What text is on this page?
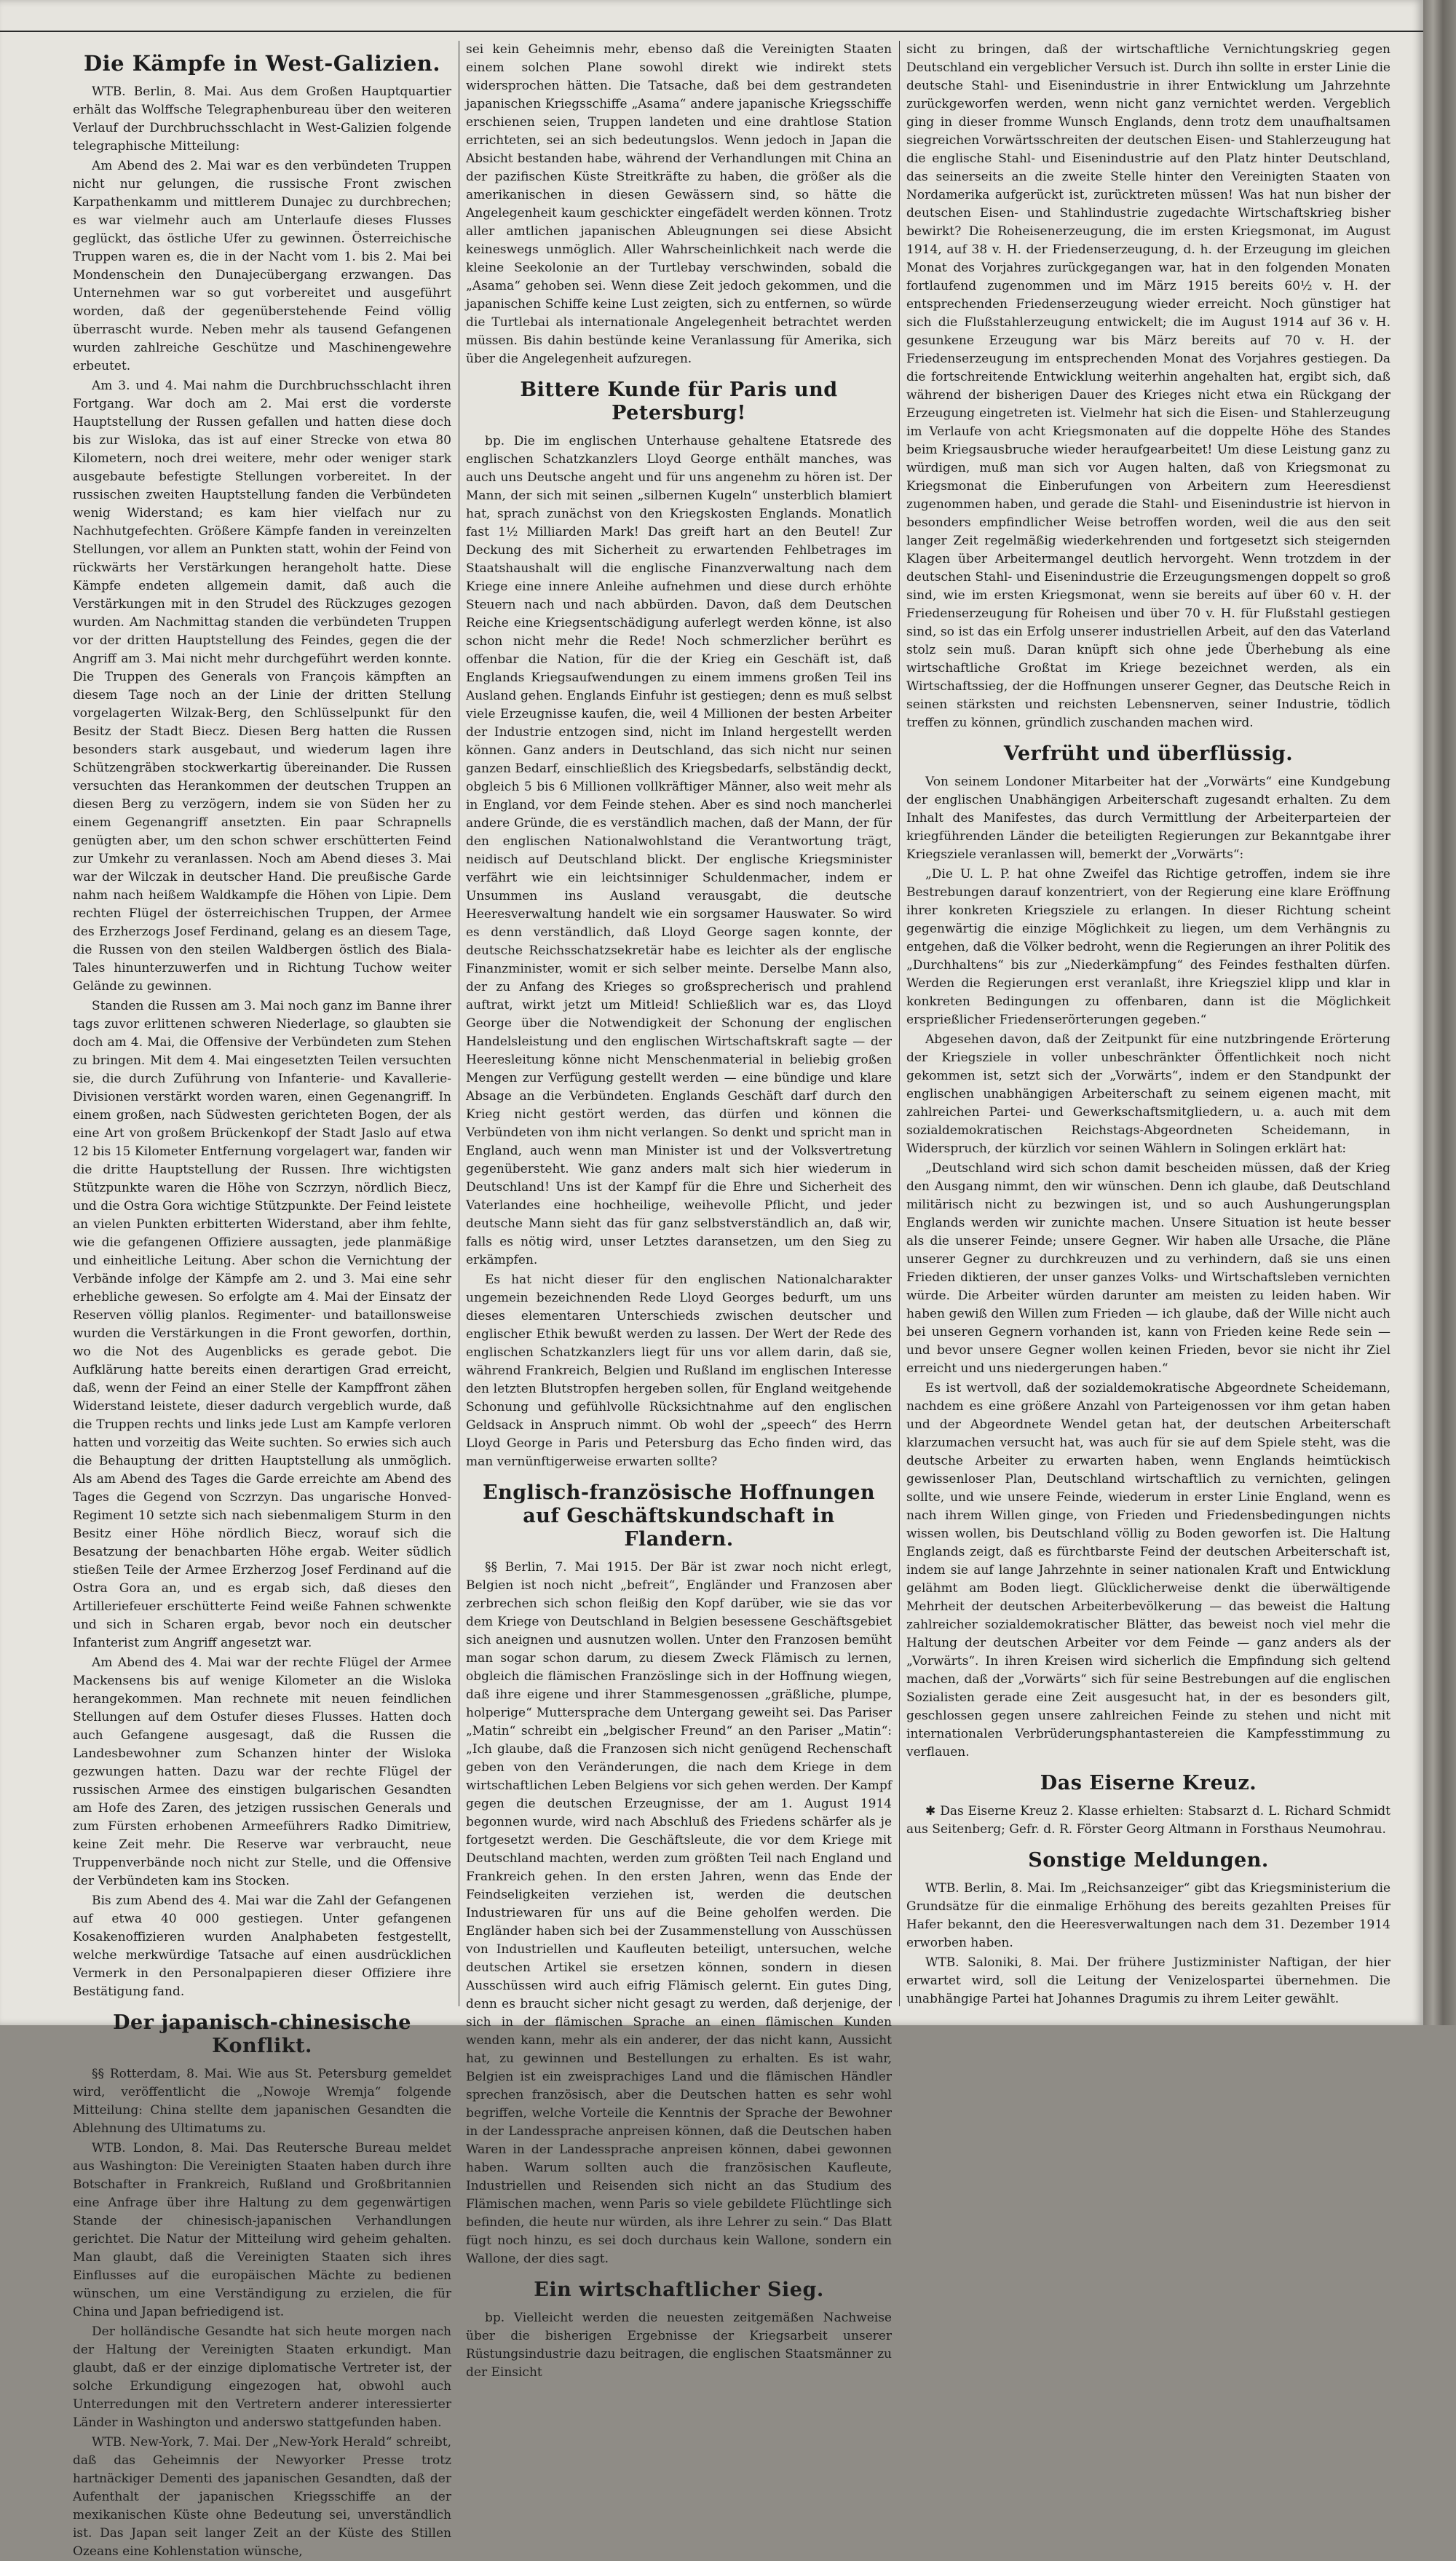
Die Kämpfe in West-Galizien.

WTB. Berlin, 8. Mai. Aus dem Großen Hauptquartier erhält das Wolffsche Telegraphenbureau über den weiteren Verlauf der Durchbruchsschlacht in West-Galizien folgende telegraphische Mitteilung:

Am Abend des 2. Mai war es den verbündeten Truppen nicht nur gelungen, die russische Front zwischen Karpathenkamm und mittlerem Dunajec zu durchbrechen; es war vielmehr auch am Unterlaufe dieses Flusses geglückt, das östliche Ufer zu gewinnen. Österreichische Truppen waren es, die in der Nacht vom 1. bis 2. Mai bei Mondenschein den Dunajecübergang erzwangen. Das Unternehmen war so gut vorbereitet und ausgeführt worden, daß der gegenüberstehende Feind völlig überrascht wurde. Neben mehr als tausend Gefangenen wurden zahlreiche Geschütze und Maschinengewehre erbeutet.

Am 3. und 4. Mai nahm die Durchbruchsschlacht ihren Fortgang. War doch am 2. Mai erst die vorderste Hauptstellung der Russen gefallen und hatten diese doch bis zur Wisloka, das ist auf einer Strecke von etwa 80 Kilometern, noch drei weitere, mehr oder weniger stark ausgebaute befestigte Stellungen vorbereitet. In der russischen zweiten Hauptstellung fanden die Verbündeten wenig Widerstand; es kam hier vielfach nur zu Nachhutgefechten. Größere Kämpfe fanden in vereinzelten Stellungen, vor allem an Punkten statt, wohin der Feind von rückwärts her Verstärkungen herangeholt hatte. Diese Kämpfe endeten allgemein damit, daß auch die Verstärkungen mit in den Strudel des Rückzuges gezogen wurden. Am Nachmittag standen die verbündeten Truppen vor der dritten Hauptstellung des Feindes, gegen die der Angriff am 3. Mai nicht mehr durchgeführt werden konnte. Die Truppen des Generals von François kämpften an diesem Tage noch an der Linie der dritten Stellung vorgelagerten Wilzak-Berg, den Schlüsselpunkt für den Besitz der Stadt Biecz. Diesen Berg hatten die Russen besonders stark ausgebaut, und wiederum lagen ihre Schützengräben stockwerkartig übereinander. Die Russen versuchten das Herankommen der deutschen Truppen an diesen Berg zu verzögern, indem sie von Süden her zu einem Gegenangriff ansetzten. Ein paar Schrapnells genügten aber, um den schon schwer erschütterten Feind zur Umkehr zu veranlassen. Noch am Abend dieses 3. Mai war der Wilczak in deutscher Hand. Die preußische Garde nahm nach heißem Waldkampfe die Höhen von Lipie. Dem rechten Flügel der österreichischen Truppen, der Armee des Erzherzogs Josef Ferdinand, gelang es an diesem Tage, die Russen von den steilen Waldbergen östlich des Biala-Tales hinunterzuwerfen und in Richtung Tuchow weiter Gelände zu gewinnen.

Standen die Russen am 3. Mai noch ganz im Banne ihrer tags zuvor erlittenen schweren Niederlage, so glaubten sie doch am 4. Mai, die Offensive der Verbündeten zum Stehen zu bringen. Mit dem 4. Mai eingesetzten Teilen versuchten sie, die durch Zuführung von Infanterie- und Kavallerie-Divisionen verstärkt worden waren, einen Gegenangriff. In einem großen, nach Südwesten gerichteten Bogen, der als eine Art von großem Brückenkopf der Stadt Jaslo auf etwa 12 bis 15 Kilometer Entfernung vorgelagert war, fanden wir die dritte Hauptstellung der Russen. Ihre wichtigsten Stützpunkte waren die Höhe von Sczrzyn, nördlich Biecz, und die Ostra Gora wichtige Stützpunkte. Der Feind leistete an vielen Punkten erbitterten Widerstand, aber ihm fehlte, wie die gefangenen Offiziere aussagten, jede planmäßige und einheitliche Leitung. Aber schon die Vernichtung der Verbände infolge der Kämpfe am 2. und 3. Mai eine sehr erhebliche gewesen. So erfolgte am 4. Mai der Einsatz der Reserven völlig planlos. Regimenter- und bataillonsweise wurden die Verstärkungen in die Front geworfen, dorthin, wo die Not des Augenblicks es gerade gebot. Die Aufklärung hatte bereits einen derartigen Grad erreicht, daß, wenn der Feind an einer Stelle der Kampffront zähen Widerstand leistete, dieser dadurch vergeblich wurde, daß die Truppen rechts und links jede Lust am Kampfe verloren hatten und vorzeitig das Weite suchten. So erwies sich auch die Behauptung der dritten Hauptstellung als unmöglich. Als am Abend des Tages die Garde erreichte am Abend des Tages die Gegend von Sczrzyn. Das ungarische Honved-Regiment 10 setzte sich nach siebenmaligem Sturm in den Besitz einer Höhe nördlich Biecz, worauf sich die Besatzung der benachbarten Höhe ergab. Weiter südlich stießen Teile der Armee Erzherzog Josef Ferdinand auf die Ostra Gora an, und es ergab sich, daß dieses den Artilleriefeuer erschütterte Feind weiße Fahnen schwenkte und sich in Scharen ergab, bevor noch ein deutscher Infanterist zum Angriff angesetzt war.

Am Abend des 4. Mai war der rechte Flügel der Armee Mackensens bis auf wenige Kilometer an die Wisloka herangekommen. Man rechnete mit neuen feindlichen Stellungen auf dem Ostufer dieses Flusses. Hatten doch auch Gefangene ausgesagt, daß die Russen die Landesbewohner zum Schanzen hinter der Wisloka gezwungen hatten. Dazu war der rechte Flügel der russischen Armee des einstigen bulgarischen Gesandten am Hofe des Zaren, des jetzigen russischen Generals und zum Fürsten erhobenen Armeeführers Radko Dimitriew, keine Zeit mehr. Die Reserve war verbraucht, neue Truppenverbände noch nicht zur Stelle, und die Offensive der Verbündeten kam ins Stocken.

Bis zum Abend des 4. Mai war die Zahl der Gefangenen auf etwa 40 000 gestiegen. Unter gefangenen Kosakenoffizieren wurden Analphabeten festgestellt, welche merkwürdige Tatsache auf einen ausdrücklichen Vermerk in den Personalpapieren dieser Offiziere ihre Bestätigung fand.

Der japanisch-chinesische Konflikt.

§§ Rotterdam, 8. Mai. Wie aus St. Petersburg gemeldet wird, veröffentlicht die „Nowoje Wremja“ folgende Mitteilung: China stellte dem japanischen Gesandten die Ablehnung des Ultimatums zu.

WTB. London, 8. Mai. Das Reutersche Bureau meldet aus Washington: Die Vereinigten Staaten haben durch ihre Botschafter in Frankreich, Rußland und Großbritannien eine Anfrage über ihre Haltung zu dem gegenwärtigen Stande der chinesisch-japanischen Verhandlungen gerichtet. Die Natur der Mitteilung wird geheim gehalten. Man glaubt, daß die Vereinigten Staaten sich ihres Einflusses auf die europäischen Mächte zu bedienen wünschen, um eine Verständigung zu erzielen, die für China und Japan befriedigend ist.

Der holländische Gesandte hat sich heute morgen nach der Haltung der Vereinigten Staaten erkundigt. Man glaubt, daß er der einzige diplomatische Vertreter ist, der solche Erkundigung eingezogen hat, obwohl auch Unterredungen mit den Vertretern anderer interessierter Länder in Washington und anderswo stattgefunden haben.

WTB. New-York, 7. Mai. Der „New-York Herald“ schreibt, daß das Geheimnis der Newyorker Presse trotz hartnäckiger Dementi des japanischen Gesandten, daß der Aufenthalt der japanischen Kriegsschiffe an der mexikanischen Küste ohne Bedeutung sei, unverständlich ist. Das Japan seit langer Zeit an der Küste des Stillen Ozeans eine Kohlenstation wünsche,

sei kein Geheimnis mehr, ebenso daß die Vereinigten Staaten einem solchen Plane sowohl direkt wie indirekt stets widersprochen hätten. Die Tatsache, daß bei dem gestrandeten japanischen Kriegsschiffe „Asama“ andere japanische Kriegsschiffe erschienen seien, Truppen landeten und eine drahtlose Station errichteten, sei an sich bedeutungslos. Wenn jedoch in Japan die Absicht bestanden habe, während der Verhandlungen mit China an der pazifischen Küste Streitkräfte zu haben, die größer als die amerikanischen in diesen Gewässern sind, so hätte die Angelegenheit kaum geschickter eingefädelt werden können. Trotz aller amtlichen japanischen Ableugnungen sei diese Absicht keineswegs unmöglich. Aller Wahrscheinlichkeit nach werde die kleine Seekolonie an der Turtlebay verschwinden, sobald die „Asama“ gehoben sei. Wenn diese Zeit jedoch gekommen, und die japanischen Schiffe keine Lust zeigten, sich zu entfernen, so würde die Turtlebai als internationale Angelegenheit betrachtet werden müssen. Bis dahin bestünde keine Veranlassung für Amerika, sich über die Angelegenheit aufzuregen.

Bittere Kunde für Paris und Petersburg!

bp. Die im englischen Unterhause gehaltene Etatsrede des englischen Schatzkanzlers Lloyd George enthält manches, was auch uns Deutsche angeht und für uns angenehm zu hören ist. Der Mann, der sich mit seinen „silbernen Kugeln“ unsterblich blamiert hat, sprach zunächst von den Kriegskosten Englands. Monatlich fast 1½ Milliarden Mark! Das greift hart an den Beutel! Zur Deckung des mit Sicherheit zu erwartenden Fehlbetrages im Staatshaushalt will die englische Finanzverwaltung nach dem Kriege eine innere Anleihe aufnehmen und diese durch erhöhte Steuern nach und nach abbürden. Davon, daß dem Deutschen Reiche eine Kriegsentschädigung auferlegt werden könne, ist also schon nicht mehr die Rede! Noch schmerzlicher berührt es offenbar die Nation, für die der Krieg ein Geschäft ist, daß Englands Kriegsaufwendungen zu einem immens großen Teil ins Ausland gehen. Englands Einfuhr ist gestiegen; denn es muß selbst viele Erzeugnisse kaufen, die, weil 4 Millionen der besten Arbeiter der Industrie entzogen sind, nicht im Inland hergestellt werden können. Ganz anders in Deutschland, das sich nicht nur seinen ganzen Bedarf, einschließlich des Kriegsbedarfs, selbständig deckt, obgleich 5 bis 6 Millionen vollkräftiger Männer, also weit mehr als in England, vor dem Feinde stehen. Aber es sind noch mancherlei andere Gründe, die es verständlich machen, daß der Mann, der für den englischen Nationalwohlstand die Verantwortung trägt, neidisch auf Deutschland blickt. Der englische Kriegsminister verfährt wie ein leichtsinniger Schuldenmacher, indem er Unsummen ins Ausland verausgabt, die deutsche Heeresverwaltung handelt wie ein sorgsamer Hauswater. So wird es denn verständlich, daß Lloyd George sagen konnte, der deutsche Reichsschatzsekretär habe es leichter als der englische Finanzminister, womit er sich selber meinte. Derselbe Mann also, der zu Anfang des Krieges so großsprecherisch und prahlend auftrat, wirkt jetzt um Mitleid! Schließlich war es, das Lloyd George über die Notwendigkeit der Schonung der englischen Handelsleistung und den englischen Wirtschaftskraft sagte — der Heeresleitung könne nicht Menschenmaterial in beliebig großen Mengen zur Verfügung gestellt werden — eine bündige und klare Absage an die Verbündeten. Englands Geschäft darf durch den Krieg nicht gestört werden, das dürfen und können die Verbündeten von ihm nicht verlangen. So denkt und spricht man in England, auch wenn man Minister ist und der Volksvertretung gegenübersteht. Wie ganz anders malt sich hier wiederum in Deutschland! Uns ist der Kampf für die Ehre und Sicherheit des Vaterlandes eine hochheilige, weihevolle Pflicht, und jeder deutsche Mann sieht das für ganz selbstverständlich an, daß wir, falls es nötig wird, unser Letztes daransetzen, um den Sieg zu erkämpfen.

Es hat nicht dieser für den englischen Nationalcharakter ungemein bezeichnenden Rede Lloyd Georges bedurft, um uns dieses elementaren Unterschieds zwischen deutscher und englischer Ethik bewußt werden zu lassen. Der Wert der Rede des englischen Schatzkanzlers liegt für uns vor allem darin, daß sie, während Frankreich, Belgien und Rußland im englischen Interesse den letzten Blutstropfen hergeben sollen, für England weitgehende Schonung und gefühlvolle Rücksichtnahme auf den englischen Geldsack in Anspruch nimmt. Ob wohl der „speech“ des Herrn Lloyd George in Paris und Petersburg das Echo finden wird, das man vernünftigerweise erwarten sollte?

Englisch-französische Hoffnungen auf Geschäftskundschaft in Flandern.

§§ Berlin, 7. Mai 1915. Der Bär ist zwar noch nicht erlegt, Belgien ist noch nicht „befreit“, Engländer und Franzosen aber zerbrechen sich schon fleißig den Kopf darüber, wie sie das vor dem Kriege von Deutschland in Belgien besessene Geschäftsgebiet sich aneignen und ausnutzen wollen. Unter den Franzosen bemüht man sogar schon darum, zu diesem Zweck Flämisch zu lernen, obgleich die flämischen Französlinge sich in der Hoffnung wiegen, daß ihre eigene und ihrer Stammesgenossen „gräßliche, plumpe, holperige“ Muttersprache dem Untergang geweiht sei. Das Pariser „Matin“ schreibt ein „belgischer Freund“ an den Pariser „Matin“: „Ich glaube, daß die Franzosen sich nicht genügend Rechenschaft geben von den Veränderungen, die nach dem Kriege in dem wirtschaftlichen Leben Belgiens vor sich gehen werden. Der Kampf gegen die deutschen Erzeugnisse, der am 1. August 1914 begonnen wurde, wird nach Abschluß des Friedens schärfer als je fortgesetzt werden. Die Geschäftsleute, die vor dem Kriege mit Deutschland machten, werden zum größten Teil nach England und Frankreich gehen. In den ersten Jahren, wenn das Ende der Feindseligkeiten verziehen ist, werden die deutschen Industriewaren für uns auf die Beine geholfen werden. Die Engländer haben sich bei der Zusammenstellung von Ausschüssen von Industriellen und Kaufleuten beteiligt, untersuchen, welche deutschen Artikel sie ersetzen können, sondern in diesen Ausschüssen wird auch eifrig Flämisch gelernt. Ein gutes Ding, denn es braucht sicher nicht gesagt zu werden, daß derjenige, der sich in der flämischen Sprache an einen flämischen Kunden wenden kann, mehr als ein anderer, der das nicht kann, Aussicht hat, zu gewinnen und Bestellungen zu erhalten. Es ist wahr, Belgien ist ein zweisprachiges Land und die flämischen Händler sprechen französisch, aber die Deutschen hatten es sehr wohl begriffen, welche Vorteile die Kenntnis der Sprache der Bewohner in der Landessprache anpreisen können, daß die Deutschen haben Waren in der Landessprache anpreisen können, dabei gewonnen haben. Warum sollten auch die französischen Kaufleute, Industriellen und Reisenden sich nicht an das Studium des Flämischen machen, wenn Paris so viele gebildete Flüchtlinge sich befinden, die heute nur würden, als ihre Lehrer zu sein.“ Das Blatt fügt noch hinzu, es sei doch durchaus kein Wallone, sondern ein Wallone, der dies sagt.

Ein wirtschaftlicher Sieg.

bp. Vielleicht werden die neuesten zeitgemäßen Nachweise über die bisherigen Ergebnisse der Kriegsarbeit unserer Rüstungsindustrie dazu beitragen, die englischen Staatsmänner zu der Einsicht

sicht zu bringen, daß der wirtschaftliche Vernichtungskrieg gegen Deutschland ein vergeblicher Versuch ist. Durch ihn sollte in erster Linie die deutsche Stahl- und Eisenindustrie in ihrer Entwicklung um Jahrzehnte zurückgeworfen werden, wenn nicht ganz vernichtet werden. Vergeblich ging in dieser fromme Wunsch Englands, denn trotz dem unaufhaltsamen siegreichen Vorwärtsschreiten der deutschen Eisen- und Stahlerzeugung hat die englische Stahl- und Eisenindustrie auf den Platz hinter Deutschland, das seinerseits an die zweite Stelle hinter den Vereinigten Staaten von Nordamerika aufgerückt ist, zurücktreten müssen! Was hat nun bisher der deutschen Eisen- und Stahlindustrie zugedachte Wirtschaftskrieg bisher bewirkt? Die Roheisenerzeugung, die im ersten Kriegsmonat, im August 1914, auf 38 v. H. der Friedenserzeugung, d. h. der Erzeugung im gleichen Monat des Vorjahres zurückgegangen war, hat in den folgenden Monaten fortlaufend zugenommen und im März 1915 bereits 60½ v. H. der entsprechenden Friedenserzeugung wieder erreicht. Noch günstiger hat sich die Flußstahlerzeugung entwickelt; die im August 1914 auf 36 v. H. gesunkene Erzeugung war bis März bereits auf 70 v. H. der Friedenserzeugung im entsprechenden Monat des Vorjahres gestiegen. Da die fortschreitende Entwicklung weiterhin angehalten hat, ergibt sich, daß während der bisherigen Dauer des Krieges nicht etwa ein Rückgang der Erzeugung eingetreten ist. Vielmehr hat sich die Eisen- und Stahlerzeugung im Verlaufe von acht Kriegsmonaten auf die doppelte Höhe des Standes beim Kriegsausbruche wieder heraufgearbeitet! Um diese Leistung ganz zu würdigen, muß man sich vor Augen halten, daß von Kriegsmonat zu Kriegsmonat die Einberufungen von Arbeitern zum Heeresdienst zugenommen haben, und gerade die Stahl- und Eisenindustrie ist hiervon in besonders empfindlicher Weise betroffen worden, weil die aus den seit langer Zeit regelmäßig wiederkehrenden und fortgesetzt sich steigernden Klagen über Arbeitermangel deutlich hervorgeht. Wenn trotzdem in der deutschen Stahl- und Eisenindustrie die Erzeugungsmengen doppelt so groß sind, wie im ersten Kriegsmonat, wenn sie bereits auf über 60 v. H. der Friedenserzeugung für Roheisen und über 70 v. H. für Flußstahl gestiegen sind, so ist das ein Erfolg unserer industriellen Arbeit, auf den das Vaterland stolz sein muß. Daran knüpft sich ohne jede Überhebung als eine wirtschaftliche Großtat im Kriege bezeichnet werden, als ein Wirtschaftssieg, der die Hoffnungen unserer Gegner, das Deutsche Reich in seinen stärksten und reichsten Lebensnerven, seiner Industrie, tödlich treffen zu können, gründlich zuschanden machen wird.

Verfrüht und überflüssig.

Von seinem Londoner Mitarbeiter hat der „Vorwärts“ eine Kundgebung der englischen Unabhängigen Arbeiterschaft zugesandt erhalten. Zu dem Inhalt des Manifestes, das durch Vermittlung der Arbeiterparteien der kriegführenden Länder die beteiligten Regierungen zur Bekanntgabe ihrer Kriegsziele veranlassen will, bemerkt der „Vorwärts“:

„Die U. L. P. hat ohne Zweifel das Richtige getroffen, indem sie ihre Bestrebungen darauf konzentriert, von der Regierung eine klare Eröffnung ihrer konkreten Kriegsziele zu erlangen. In dieser Richtung scheint gegenwärtig die einzige Möglichkeit zu liegen, um dem Verhängnis zu entgehen, daß die Völker bedroht, wenn die Regierungen an ihrer Politik des „Durchhaltens“ bis zur „Niederkämpfung“ des Feindes festhalten dürfen. Werden die Regierungen erst veranlaßt, ihre Kriegsziel klipp und klar in konkreten Bedingungen zu offenbaren, dann ist die Möglichkeit ersprießlicher Friedenserörterungen gegeben.“

Abgesehen davon, daß der Zeitpunkt für eine nutzbringende Erörterung der Kriegsziele in voller unbeschränkter Öffentlichkeit noch nicht gekommen ist, setzt sich der „Vorwärts“, indem er den Standpunkt der englischen unabhängigen Arbeiterschaft zu seinem eigenen macht, mit zahlreichen Partei- und Gewerkschaftsmitgliedern, u. a. auch mit dem sozialdemokratischen Reichstags-Abgeordneten Scheidemann, in Widerspruch, der kürzlich vor seinen Wählern in Solingen erklärt hat:

„Deutschland wird sich schon damit bescheiden müssen, daß der Krieg den Ausgang nimmt, den wir wünschen. Denn ich glaube, daß Deutschland militärisch nicht zu bezwingen ist, und so auch Aushungerungsplan Englands werden wir zunichte machen. Unsere Situation ist heute besser als die unserer Feinde; unsere Gegner. Wir haben alle Ursache, die Pläne unserer Gegner zu durchkreuzen und zu verhindern, daß sie uns einen Frieden diktieren, der unser ganzes Volks- und Wirtschaftsleben vernichten würde. Die Arbeiter würden darunter am meisten zu leiden haben. Wir haben gewiß den Willen zum Frieden — ich glaube, daß der Wille nicht auch bei unseren Gegnern vorhanden ist, kann von Frieden keine Rede sein — und bevor unsere Gegner wollen keinen Frieden, bevor sie nicht ihr Ziel erreicht und uns niedergerungen haben.“

Es ist wertvoll, daß der sozialdemokratische Abgeordnete Scheidemann, nachdem es eine größere Anzahl von Parteigenossen vor ihm getan haben und der Abgeordnete Wendel getan hat, der deutschen Arbeiterschaft klarzumachen versucht hat, was auch für sie auf dem Spiele steht, was die deutsche Arbeiter zu erwarten haben, wenn Englands heimtückisch gewissenloser Plan, Deutschland wirtschaftlich zu vernichten, gelingen sollte, und wie unsere Feinde, wiederum in erster Linie England, wenn es nach ihrem Willen ginge, von Frieden und Friedensbedingungen nichts wissen wollen, bis Deutschland völlig zu Boden geworfen ist. Die Haltung Englands zeigt, daß es fürchtbarste Feind der deutschen Arbeiterschaft ist, indem sie auf lange Jahrzehnte in seiner nationalen Kraft und Entwicklung gelähmt am Boden liegt. Glücklicherweise denkt die überwältigende Mehrheit der deutschen Arbeiterbevölkerung — das beweist die Haltung zahlreicher sozialdemokratischer Blätter, das beweist noch viel mehr die Haltung der deutschen Arbeiter vor dem Feinde — ganz anders als der „Vorwärts“. In ihren Kreisen wird sicherlich die Empfindung sich geltend machen, daß der „Vorwärts“ sich für seine Bestrebungen auf die englischen Sozialisten gerade eine Zeit ausgesucht hat, in der es besonders gilt, geschlossen gegen unsere zahlreichen Feinde zu stehen und nicht mit internationalen Verbrüderungsphantastereien die Kampfesstimmung zu verflauen.

Das Eiserne Kreuz.

✱ Das Eiserne Kreuz 2. Klasse erhielten: Stabsarzt d. L. Richard Schmidt aus Seitenberg; Gefr. d. R. Förster Georg Altmann in Forsthaus Neumohrau.

Sonstige Meldungen.

WTB. Berlin, 8. Mai. Im „Reichsanzeiger“ gibt das Kriegsministerium die Grundsätze für die einmalige Erhöhung des bereits gezahlten Preises für Hafer bekannt, den die Heeresverwaltungen nach dem 31. Dezember 1914 erworben haben.

WTB. Saloniki, 8. Mai. Der frühere Justizminister Naftigan, der hier erwartet wird, soll die Leitung der Venizelospartei übernehmen. Die unabhängige Partei hat Johannes Dragumis zu ihrem Leiter gewählt.
